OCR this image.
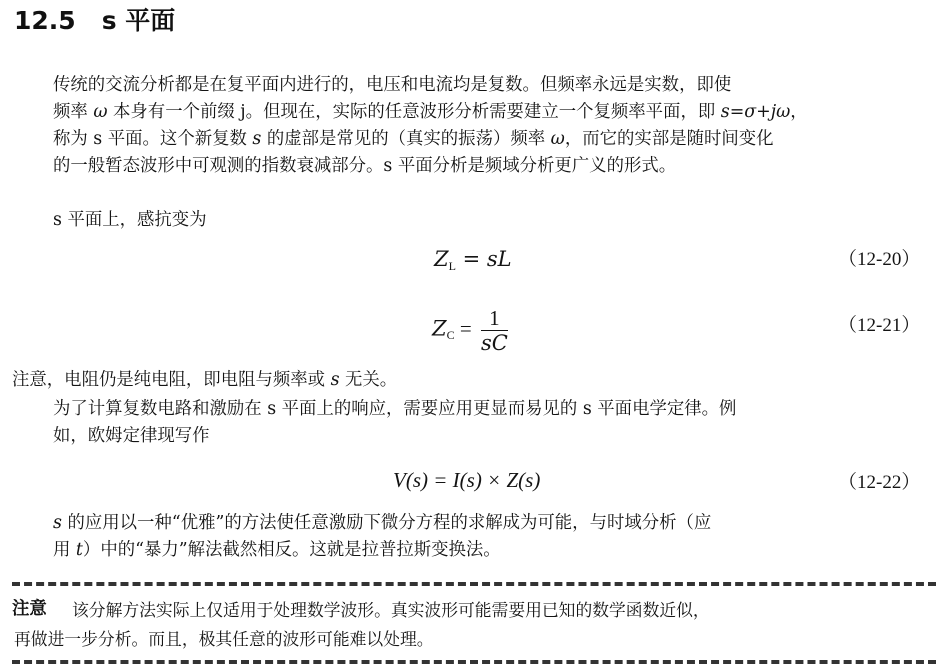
12.5 s 平面
传统的交流分析都是在复平面内进行的，电压和电流均是复数。但频率永远是实数，即使
频率 ω 本身有一个前缀 j。但现在，实际的任意波形分析需要建立一个复频率平面，即 s=σ+jω，
称为 s 平面。这个新复数 s 的虚部是常见的（真实的振荡）频率 ω，而它的实部是随时间变化
的一般暂态波形中可观测的指数衰减部分。s 平面分析是频域分析更广义的形式。
s 平面上，感抗变为
ZL = sL	（12-20）
ZC = $\frac{1}{sC}$	（12-21）
注意，电阻仍是纯电阻，即电阻与频率或 s 无关。
为了计算复数电路和激励在 s 平面上的响应，需要应用更显而易见的 s 平面电学定律。例
如，欧姆定律现写作
V(s) = I(s) × Z(s)	（12-22）
s 的应用以一种“优雅”的方法使任意激励下微分方程的求解成为可能，与时域分析（应
用 t）中的“暴力”解法截然相反。这就是拉普拉斯变换法。
注意 该分解方法实际上仅适用于处理数学波形。真实波形可能需要用已知的数学函数近似，
再做进一步分析。而且，极其任意的波形可能难以处理。
